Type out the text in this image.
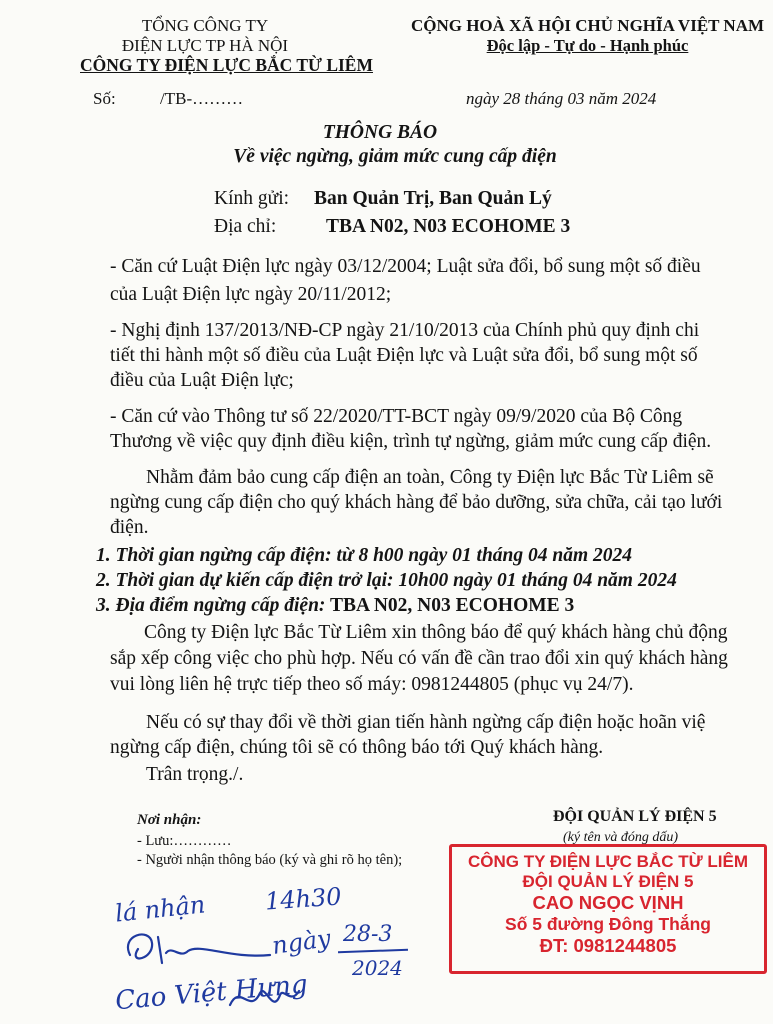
TỔNG CÔNG TY
ĐIỆN LỰC TP HÀ NỘI
CÔNG TY ĐIỆN LỰC BẮC TỪ LIÊM
CỘNG HOÀ XÃ HỘI CHỦ NGHĨA VIỆT NAM
Độc lập - Tự do - Hạnh phúc
Số:	/TB-………	ngày 28 tháng 03 năm 2024
THÔNG BÁO
Về việc ngừng, giảm mức cung cấp điện
Kính gửi: Ban Quản Trị, Ban Quản Lý
Địa chỉ:	TBA N02, N03 ECOHOME 3
- Căn cứ Luật Điện lực ngày 03/12/2004; Luật sửa đổi, bổ sung một số điều
của Luật Điện lực ngày 20/11/2012;
- Nghị định 137/2013/NĐ-CP ngày 21/10/2013 của Chính phủ quy định chi
tiết thi hành một số điều của Luật Điện lực và Luật sửa đổi, bổ sung một số
điều của Luật Điện lực;
- Căn cứ vào Thông tư số 22/2020/TT-BCT ngày 09/9/2020 của Bộ Công
Thương về việc quy định điều kiện, trình tự ngừng, giảm mức cung cấp điện.
Nhằm đảm bảo cung cấp điện an toàn, Công ty Điện lực Bắc Từ Liêm sẽ
ngừng cung cấp điện cho quý khách hàng để bảo dưỡng, sửa chữa, cải tạo lưới
điện.
1. Thời gian ngừng cấp điện: từ 8 h00 ngày 01 tháng 04 năm 2024
2. Thời gian dự kiến cấp điện trở lại: 10h00 ngày 01 tháng 04 năm 2024
3. Địa điểm ngừng cấp điện: TBA N02, N03 ECOHOME 3
Công ty Điện lực Bắc Từ Liêm xin thông báo để quý khách hàng chủ động
sắp xếp công việc cho phù hợp. Nếu có vấn đề cần trao đổi xin quý khách hàng
vui lòng liên hệ trực tiếp theo số máy: 0981244805 (phục vụ 24/7).
Nếu có sự thay đổi về thời gian tiến hành ngừng cấp điện hoặc hoãn việ
ngừng cấp điện, chúng tôi sẽ có thông báo tới Quý khách hàng.
Trân trọng./.
Nơi nhận:
- Lưu:…………
- Người nhận thông báo (ký và ghi rõ họ tên);
ĐỘI QUẢN LÝ ĐIỆN 5
(ký tên và đóng dấu)
CÔNG TY ĐIỆN LỰC BẮC TỪ LIÊM
ĐỘI QUẢN LÝ ĐIỆN 5
CAO NGỌC VỊNH
Số 5 đường Đông Thắng
ĐT: 0981244805
lá nhận 14h30
ngày 28-3
2024
Cao Việt Hưng
